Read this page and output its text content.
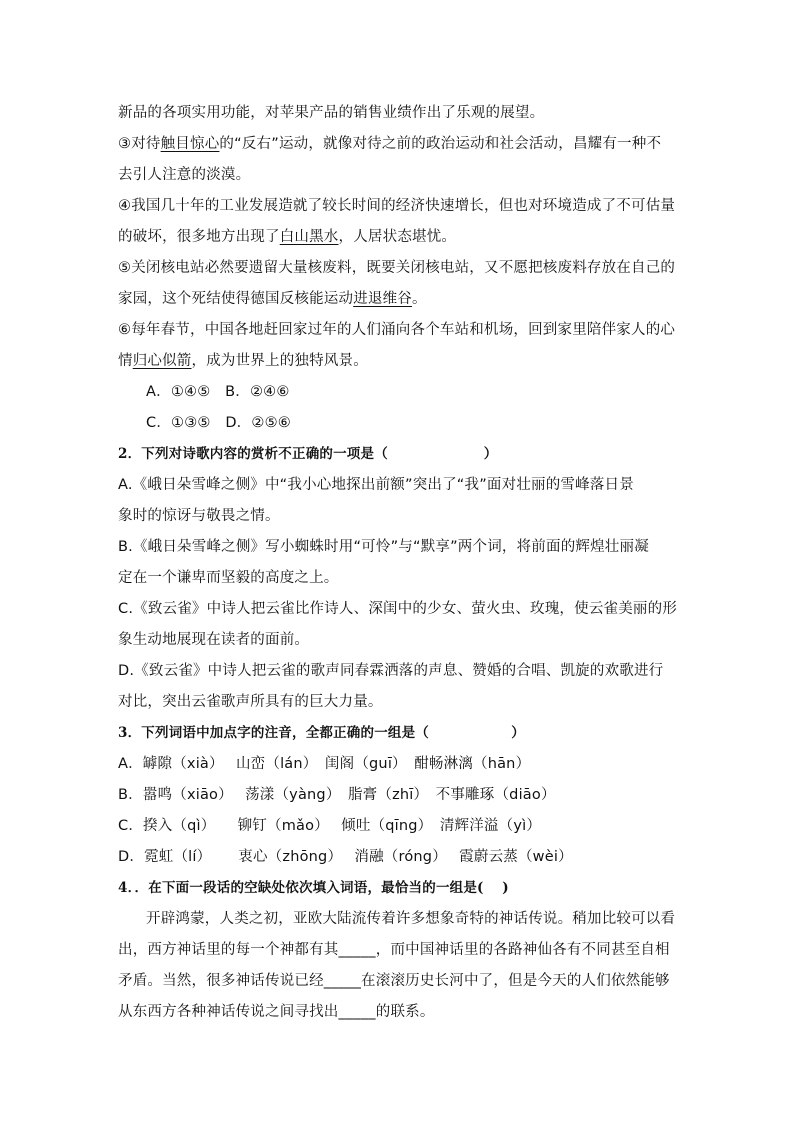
新品的各项实用功能，对苹果产品的销售业绩作出了乐观的展望。
③对待触目惊心的“反右”运动，就像对待之前的政治运动和社会活动，昌耀有一种不
去引人注意的淡漠。
④我国几十年的工业发展造就了较长时间的经济快速增长，但也对环境造成了不可估量
的破坏，很多地方出现了白山黑水，人居状态堪忧。
⑤关闭核电站必然要遗留大量核废料，既要关闭核电站，又不愿把核废料存放在自己的
家园，这个死结使得德国反核能运动进退维谷。
⑥每年春节，中国各地赶回家过年的人们涌向各个车站和机场，回到家里陪伴家人的心
情归心似箭，成为世界上的独特风景。
A．①④⑤　B．②④⑥
C．①③⑤　D．②⑤⑥
2．下列对诗歌内容的赏析不正确的一项是（　　　　　　　）
A.《峨日朵雪峰之侧》中“我小心地探出前额”突出了“我”面对壮丽的雪峰落日景
象时的惊讶与敬畏之情。
B.《峨日朵雪峰之侧》写小蜘蛛时用“可怜”与“默享”两个词，将前面的辉煌壮丽凝
定在一个谦卑而坚毅的高度之上。
C.《致云雀》中诗人把云雀比作诗人、深闺中的少女、萤火虫、玫瑰，使云雀美丽的形
象生动地展现在读者的面前。
D.《致云雀》中诗人把云雀的歌声同春霖洒落的声息、赞婚的合唱、凯旋的欢歌进行
对比，突出云雀歌声所具有的巨大力量。
3．下列词语中加点字的注音，全都正确的一组是（　　　　　　）
A．罅隙（xià）　 山峦（lán）　闺阁（guī）　酣畅淋漓（hān）
B．嚣鸣（xiāo）　 荡漾（yàng）　脂膏（zhī）　不事雕琢（diāo）
C．揆入（qì）　　铆钉（mǎo）　 倾吐（qīng）　清辉洋溢（yì）
D．霓虹（lí）　 　衷心（zhōng）　 消融（róng）　 霞蔚云蒸（wèi）
4．．在下面一段话的空缺处依次填入词语，最恰当的一组是(　 )
开辟鸿蒙，人类之初，亚欧大陆流传着许多想象奇特的神话传说。稍加比较可以看
出，西方神话里的每一个神都有其_____，而中国神话里的各路神仙各有不同甚至自相
矛盾。当然，很多神话传说已经_____在滚滚历史长河中了，但是今天的人们依然能够
从东西方各种神话传说之间寻找出_____的联系。
